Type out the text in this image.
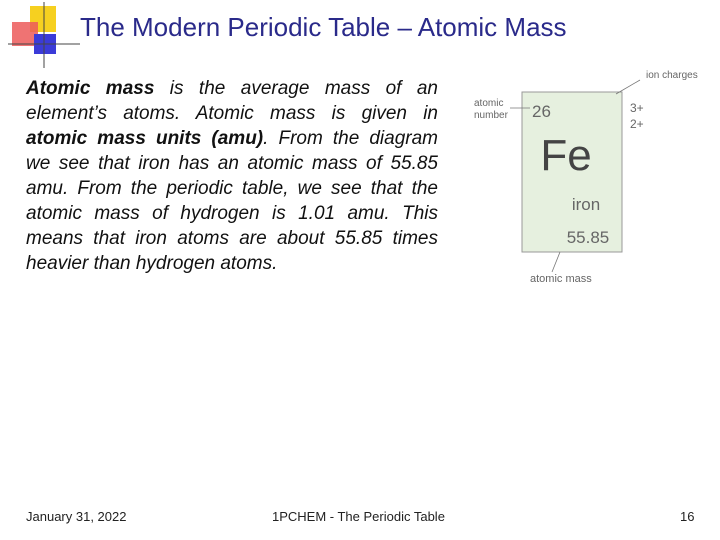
The Modern Periodic Table – Atomic Mass
Atomic mass is the average mass of an element’s atoms. Atomic mass is given in atomic mass units (amu). From the diagram we see that iron has an atomic mass of 55.85 amu. From the periodic table, we see that the atomic mass of hydrogen is 1.01 amu. This means that iron atoms are about 55.85 times heavier than hydrogen atoms.
atomic
number
ion charges
26	3+
2+
Fe
iron
55.85
atomic mass
January 31, 2022	1PCHEM - The Periodic Table	16
